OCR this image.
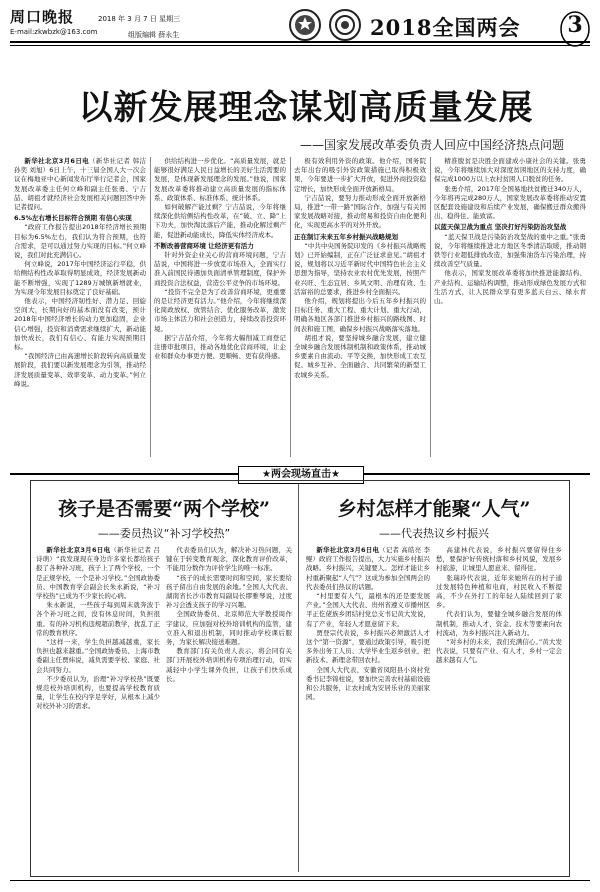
周口晚报
E-mail:zkwbzk@163.com
2018 年 3 月 7 日 星期三
组版编辑 薛永生	2018全国两会 3
以新发展理念谋划高质量发展
——国家发展改革委负责人回应中国经济热点问题

新华社北京3月6日电（新华社记者 韩洁 孙奕 刘旭）6日上午，十三届全国人大一次会议在梅地亚中心新闻发布厅举行记者会，国家发展改革委主任何立峰和副主任张勇、宁吉喆、胡祖才就经济社会发展相关问题回答中外记者提问。

6.5%左右增长目标符合预期 有信心实现

“政府工作报告提出2018年经济增长预期目标为6.5%左右，我们认为符合预期，也符合需求，是可以通过努力实现的目标。”何立峰说，我们对此充满信心。

何立峰说，2017年中国经济运行平稳，供给侧结构性改革取得明显成效，经济发展新动能不断增强，实现了1289万城镇新增就业，为实现今年发展目标奠定了良好基础。

他表示，中国经济韧性好、潜力足、回旋空间大，长期向好的基本面没有改变，预计2018年中国经济增长的动力更加稳固，企业信心增强，投资和消费需求继续扩大，新动能加快成长，我们有信心、有能力实现预期目标。

“我国经济已由高速增长阶段转向高质量发展阶段，我们要以新发展理念为引领，推动经济发展质量变革、效率变革、动力变革。”何立峰说。

供给结构进一步优化。“高质量发展，就是能够很好满足人民日益增长的美好生活需要的发展，是体现新发展理念的发展。”他说，国家发展改革委将推动建立高质量发展的指标体系、政策体系、标准体系、统计体系。

如何破解产能过剩？宁吉喆说，今年将继续深化供给侧结构性改革，在“破、立、降”上下功夫，加快淘汰落后产能，推动化解过剩产能，促进新动能成长，降低实体经济成本。

不断改善营商环境 让经济更有活力

针对外资企业关心的营商环境问题，宁吉喆说，中国将进一步放宽市场准入，全面实行准入前国民待遇加负面清单管理制度，保护外商投资合法权益，营造公平竞争的市场环境。

“投资不完全是为了改善营商环境，更重要的是让经济更有活力。”他介绍，今年将继续深化简政放权、放管结合、优化服务改革，激发市场主体活力和社会创造力，持续改善投资环境。

据宁吉喆介绍，今年将大幅削减工商登记注册审批项目，推动各地优化营商环境，让企业和群众办事更方便、更顺畅、更有获得感。

极有效利用外资的政策。他介绍，国务院去年出台的吸引外资政策措施已取得积极效果，今年要进一步扩大开放，促进外商投资稳定增长，加快形成全面开放新格局。

宁吉喆说，要努力推动形成全面开放新格局，推进“一带一路”国际合作，加强与有关国家发展战略对接，推动贸易和投资自由化便利化，实现更高水平的对外开放。

正在制订未来五年乡村振兴战略规划

“中共中央国务院印发的《乡村振兴战略规划》已开始编制，正在广泛征求意见。”胡祖才说，规划将以习近平新时代中国特色社会主义思想为指导，坚持农业农村优先发展，按照产业兴旺、生态宜居、乡风文明、治理有效、生活富裕的总要求，推进乡村全面振兴。

他介绍，规划将提出今后五年乡村振兴的目标任务、重大工程、重大计划、重大行动，明确各地区各部门推进乡村振兴的路线图、时间表和施工图，确保乡村振兴战略落实落地。

胡祖才说，要坚持城乡融合发展，建立健全城乡融合发展体制机制和政策体系，推动城乡要素自由流动、平等交换，加快形成工农互促、城乡互补、全面融合、共同繁荣的新型工农城乡关系。

精准脱贫是决胜全面建成小康社会的关键。张勇说，今年将继续加大对深度贫困地区的支持力度，确保完成1000万以上农村贫困人口脱贫的任务。

张勇介绍，2017年全国易地扶贫搬迁340万人，今年将再完成280万人，国家发展改革委将推动安置区配套设施建设和后续产业发展，确保搬迁群众搬得出、稳得住、能致富。

以蓝天保卫战为重点 坚决打好污染防治攻坚战

“蓝天保卫战是污染防治攻坚战的重中之重。”张勇说，今年将继续推进北方地区冬季清洁取暖，推动钢铁等行业超低排放改造，加强柴油货车污染治理，持续改善空气质量。

他表示，国家发展改革委将加快推进能源结构、产业结构、运输结构调整，推动形成绿色发展方式和生活方式，让人民群众享有更多蓝天白云、绿水青山。

★两会现场直击★
孩子是否需要“两个学校”
——委员热议“补习学校热”

新华社北京3月6日电（新华社记者 吕诗萌）“我发现现在身边许多家长都给孩子报了各种补习班，孩子上了两个学校，一个是正规学校，一个是补习学校。”全国政协委员、中国教育学会副会长朱永新说，“补习学校热”已成为不少家长的心病。

朱永新说，一些孩子每到周末就奔波于各个补习班之间，没有休息时间，负担很重。有的补习机构违规超前教学，扰乱了正常的教育秩序。

“这样一来，学生负担越减越重，家长负担也越来越重。”全国政协委员、上海市教委副主任贾炜说，减负需要学校、家庭、社会共同努力。

不少委员认为，治理“补习学校热”既要规范校外培训机构，也要提高学校教育质量，让学生在校内学足学好，从根本上减少对校外补习的需求。

代表委员们认为，解决补习热问题，关键在于转变教育观念，深化教育评价改革，不能用分数作为评价学生的唯一标准。

“孩子的成长需要时间和空间，家长要给孩子留出自由发展的余地。”全国人大代表、湖南省长沙市教育局副局长缪雅琴说，过度补习会透支孩子的学习兴趣。

全国政协委员、北京师范大学教授周作宇建议，应加强对校外培训机构的监管，建立准入和退出机制，同时推动学校课后服务，为家长解决接送难题。

教育部门有关负责人表示，将会同有关部门开展校外培训机构专项治理行动，切实减轻中小学生课外负担，让孩子们快乐成长。

乡村怎样才能聚“人气”
——代表热议乡村振兴

新华社北京3月6日电（记者 高皓亮 李鲲）政府工作报告提出，大力实施乡村振兴战略。乡村振兴，关键要人。怎样才能让乡村重新聚起“人气”？这成为参加全国两会的代表委员们热议的话题。

“村里要有人气，最根本的还是要发展产业。”全国人大代表、贵州省遵义市播州区平正仡佬族乡团结村党总支书记黄大发说，有了产业，年轻人才愿意留下来。

贾登宗代表说，乡村振兴必须激活人才这个“第一资源”，要通过政策引导，吸引更多外出务工人员、大学毕业生返乡创业，把新技术、新理念带回农村。

全国人大代表、安徽省凤阳县小岗村党委书记李锦柱说，要加快完善农村基础设施和公共服务，让农村成为安居乐业的美丽家园。

高建林代表说，乡村振兴要留得住乡愁，要保护好传统村落和乡村风貌，发展乡村旅游，让城里人愿意来、留得住。

张瑞玲代表说，近年来她所在的村子通过发展特色种植和电商，村民收入不断提高，不少在外打工的年轻人陆续回到了家乡。

代表们认为，要健全城乡融合发展的体制机制，推动人才、资金、技术等要素向农村流动，为乡村振兴注入新动力。

“对乡村的未来，我们充满信心。”黄大发代表说，只要有产业、有人才，乡村一定会越来越有人气。
